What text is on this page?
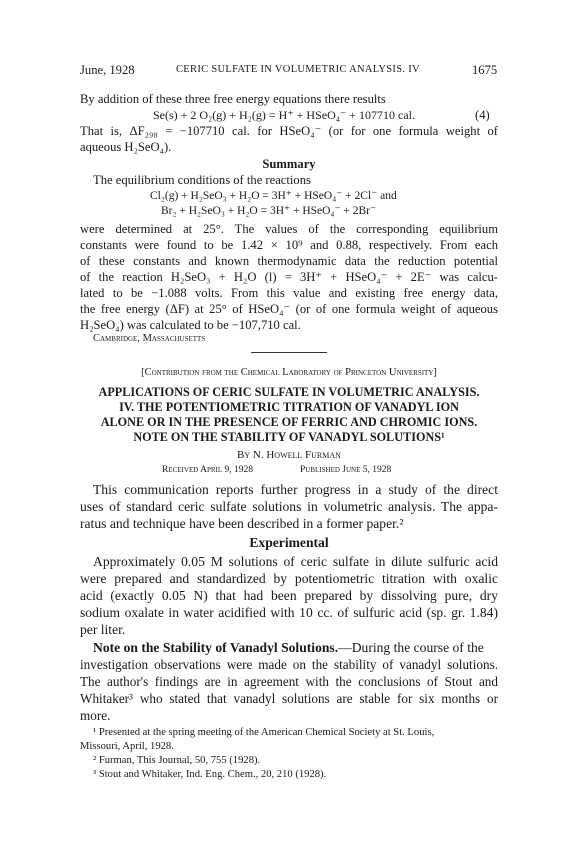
June, 1928	CERIC SULFATE IN VOLUMETRIC ANALYSIS. IV	1675
By addition of these three free energy equations there results
Se(s) + 2 O₂(g) + H₂(g) = H⁺ + HSeO₄⁻ + 107710 cal.	(4)
That is, ΔF₂₉₈ = −107710 cal. for HSeO₄⁻ (or for one formula weight of
aqueous H₂SeO₄).
Summary
The equilibrium conditions of the reactions
Cl₂(g) + H₂SeO₃ + H₂O = 3H⁺ + HSeO₄⁻ + 2Cl⁻ and
Br₂ + H₂SeO₃ + H₂O = 3H⁺ + HSeO₄⁻ + 2Br⁻
were determined at 25°. The values of the corresponding equilibrium
constants were found to be 1.42 × 10⁹ and 0.88, respectively. From each
of these constants and known thermodynamic data the reduction potential
of the reaction H₂SeO₃ + H₂O (l) = 3H⁺ + HSeO₄⁻ + 2E⁻ was calcu-
lated to be −1.088 volts. From this value and existing free energy data,
the free energy (ΔF) at 25° of HSeO₄⁻ (or of one formula weight of aqueous
H₂SeO₄) was calculated to be −107,710 cal.
Cambridge, Massachusetts
[Contribution from the Chemical Laboratory of Princeton University]
APPLICATIONS OF CERIC SULFATE IN VOLUMETRIC ANALYSIS.
IV. THE POTENTIOMETRIC TITRATION OF VANADYL ION
ALONE OR IN THE PRESENCE OF FERRIC AND CHROMIC IONS.
NOTE ON THE STABILITY OF VANADYL SOLUTIONS¹
By N. Howell Furman
Received April 9, 1928	Published June 5, 1928
This communication reports further progress in a study of the direct
uses of standard ceric sulfate solutions in volumetric analysis. The appa-
ratus and technique have been described in a former paper.²
Experimental
Approximately 0.05 M solutions of ceric sulfate in dilute sulfuric acid
were prepared and standardized by potentiometric titration with oxalic
acid (exactly 0.05 N) that had been prepared by dissolving pure, dry
sodium oxalate in water acidified with 10 cc. of sulfuric acid (sp. gr. 1.84)
per liter.
Note on the Stability of Vanadyl Solutions.—During the course of the
investigation observations were made on the stability of vanadyl solutions.
The author's findings are in agreement with the conclusions of Stout and
Whitaker³ who stated that vanadyl solutions are stable for six months or
more.
¹ Presented at the spring meeting of the American Chemical Society at St. Louis,
Missouri, April, 1928.
² Furman, This Journal, 50, 755 (1928).
³ Stout and Whitaker, Ind. Eng. Chem., 20, 210 (1928).
